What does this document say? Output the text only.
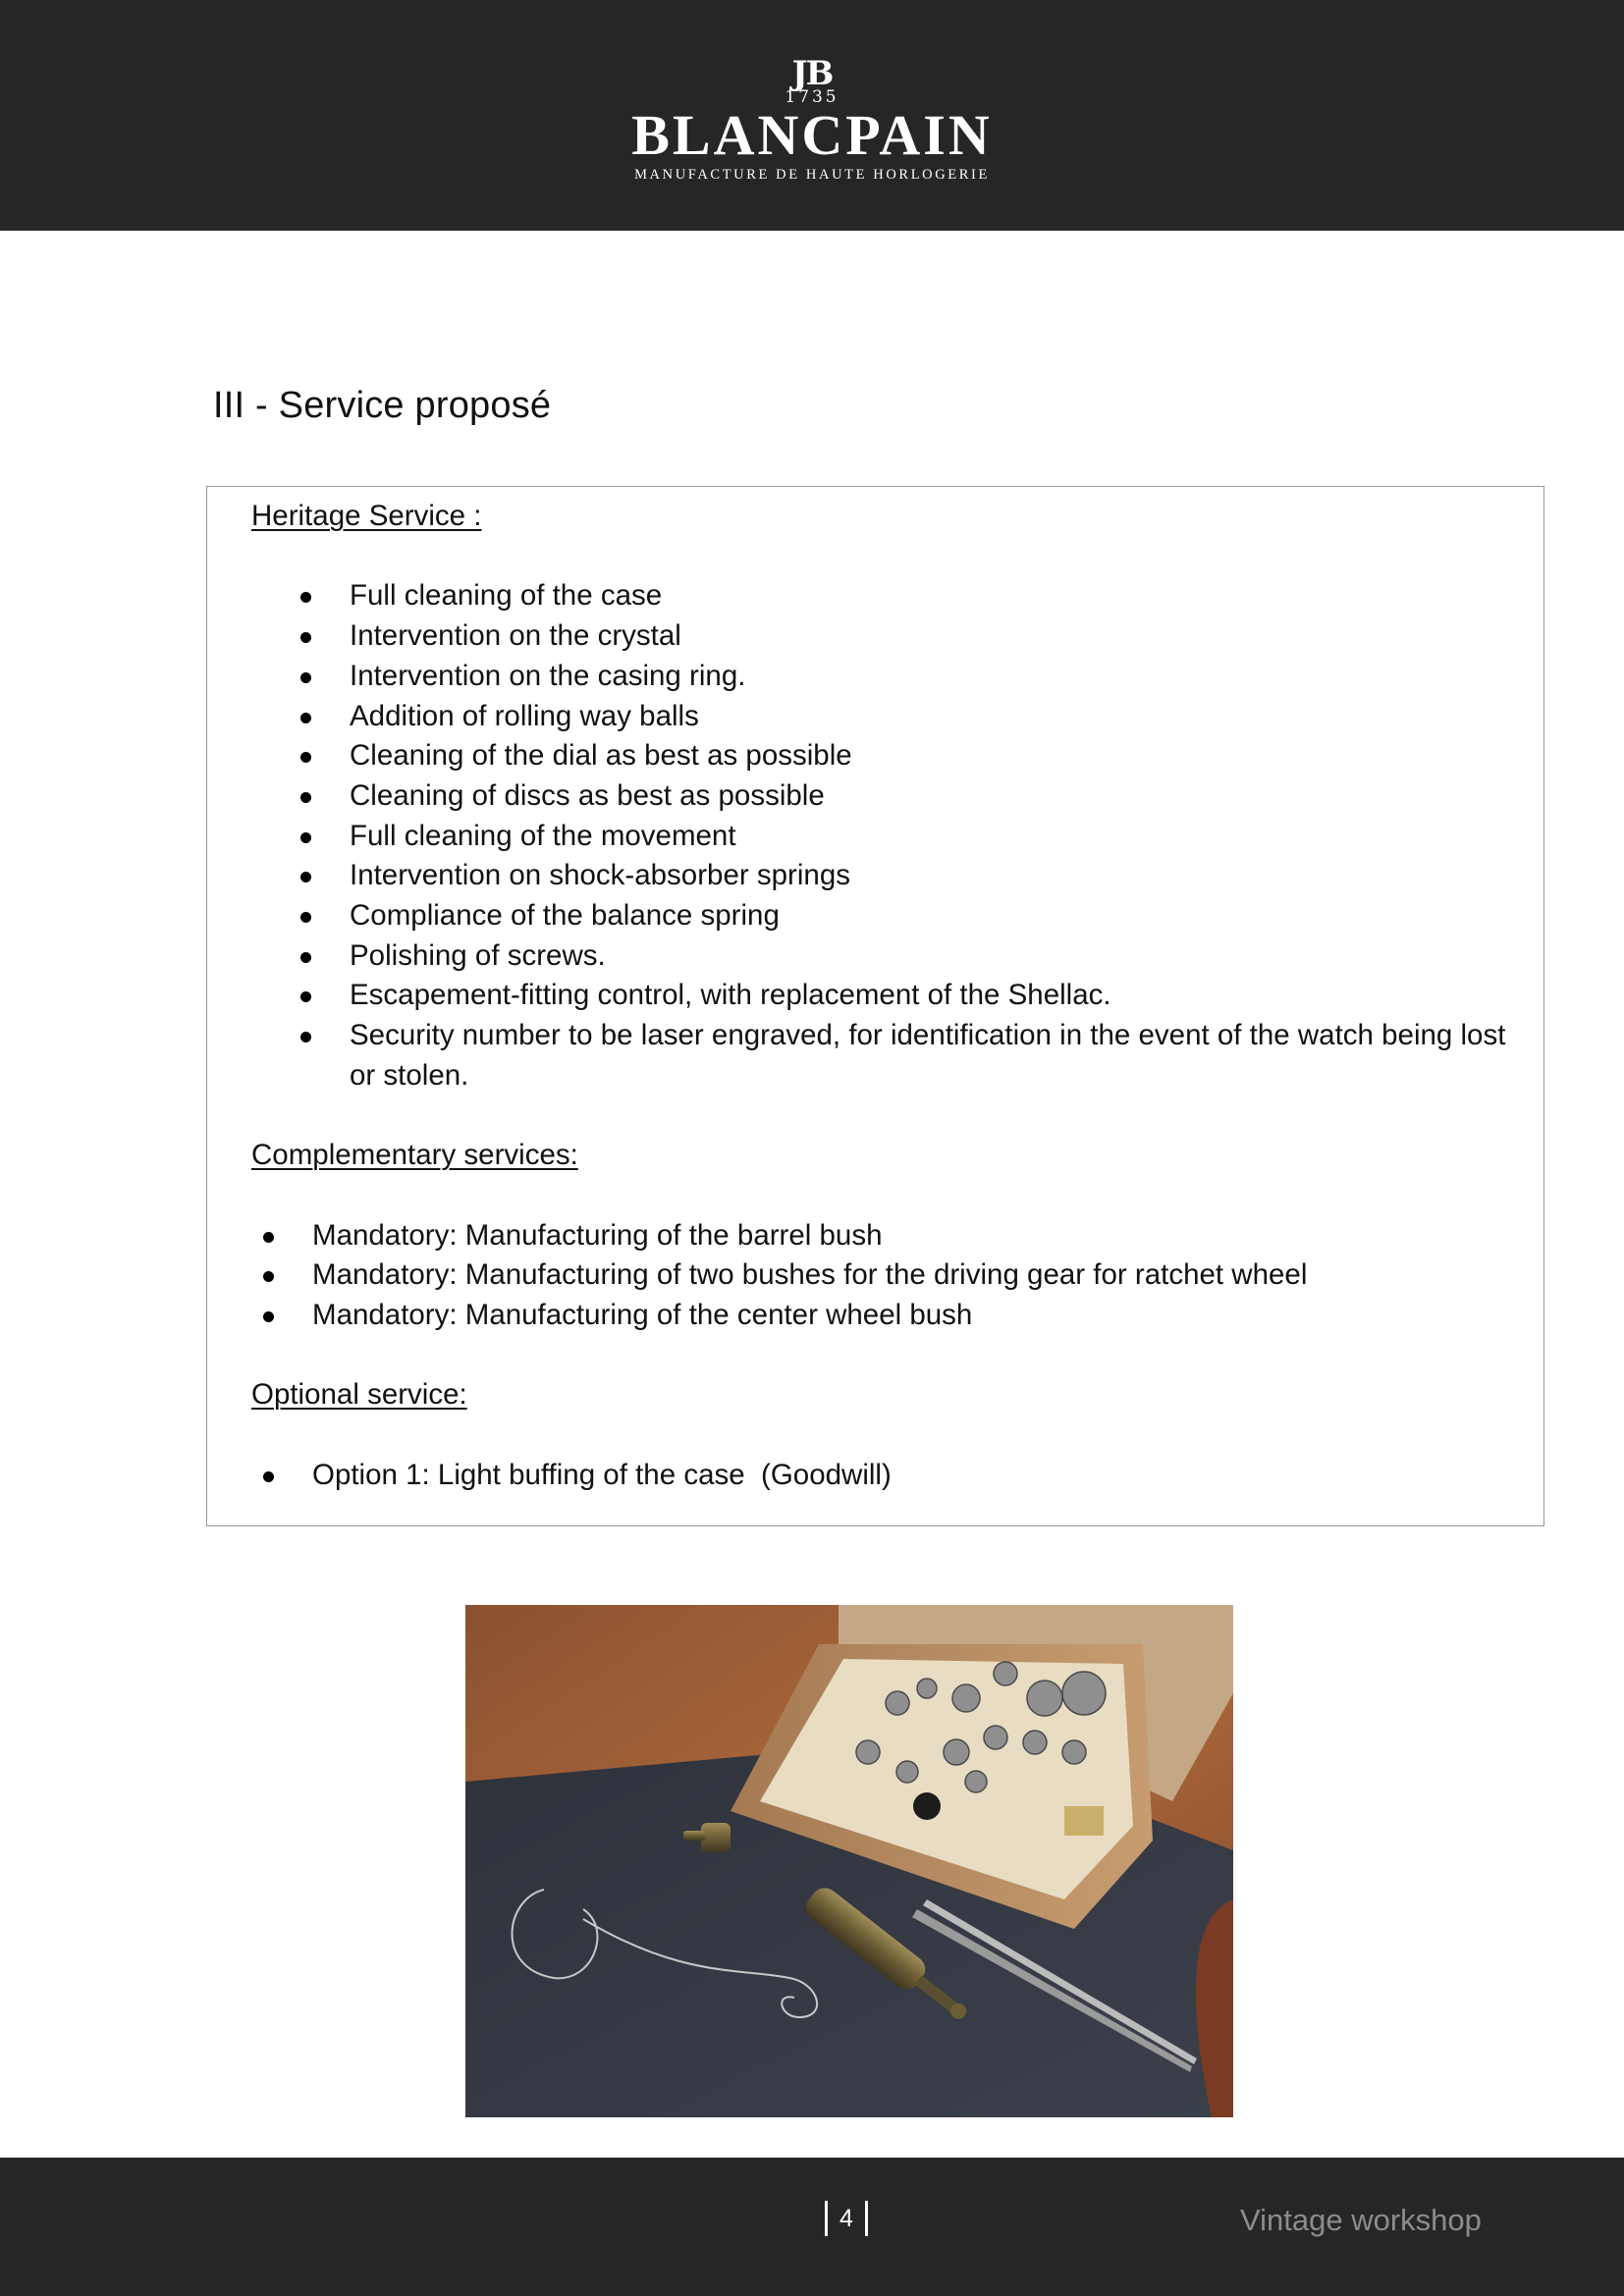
JB
1735
BLANCPAIN
MANUFACTURE DE HAUTE HORLOGERIE
III - Service proposé
Heritage Service :
Full cleaning of the case
Intervention on the crystal
Intervention on the casing ring.
Addition of rolling way balls
Cleaning of the dial as best as possible
Cleaning of discs as best as possible
Full cleaning of the movement
Intervention on shock-absorber springs
Compliance of the balance spring
Polishing of screws.
Escapement-fitting control, with replacement of the Shellac.
Security number to be laser engraved, for identification in the event of the watch being lost or stolen.
Complementary services:
Mandatory: Manufacturing of the barrel bush
Mandatory: Manufacturing of two bushes for the driving gear for ratchet wheel
Mandatory: Manufacturing of the center wheel bush
Optional service:
Option 1: Light buffing of the case  (Goodwill)
4	Vintage workshop
